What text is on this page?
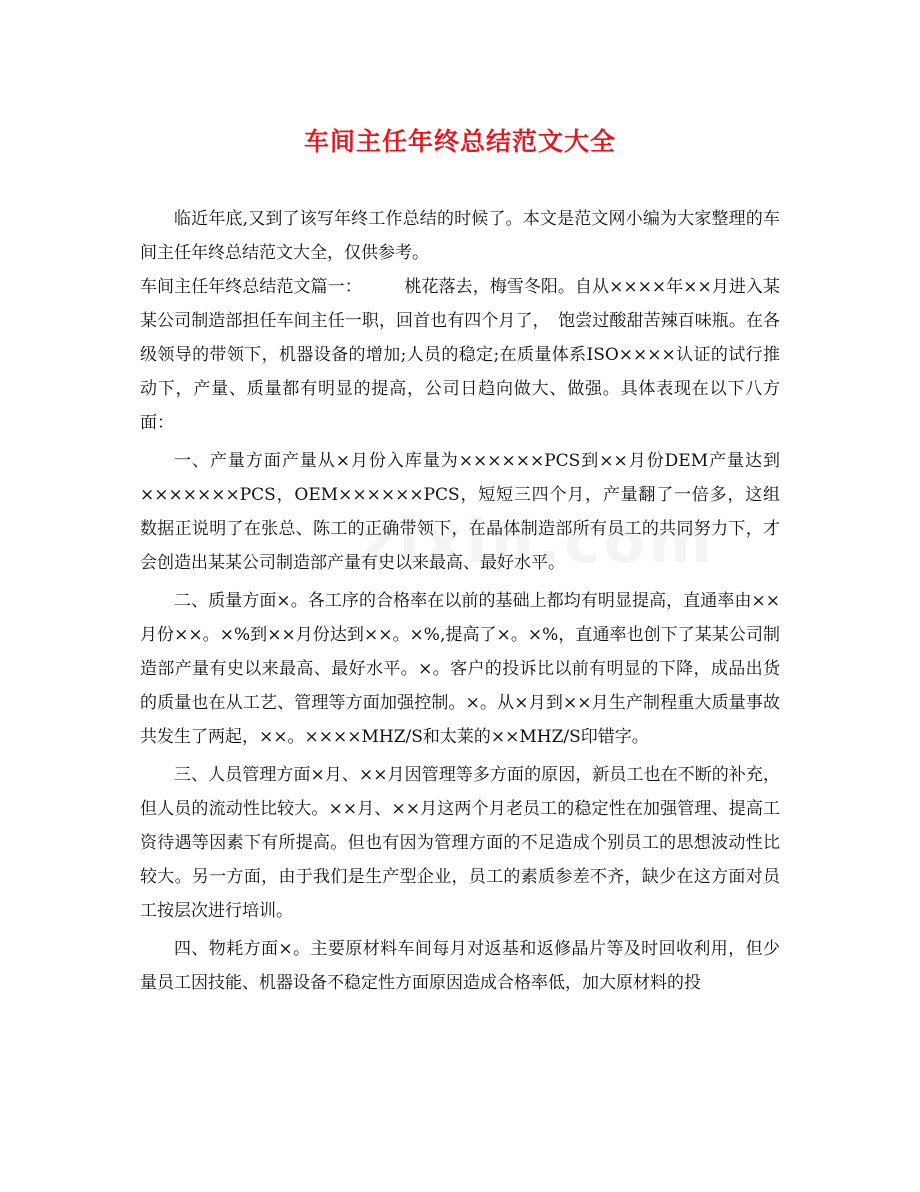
车间主任年终总结范文大全

临近年底,又到了该写年终工作总结的时候了。本文是范文网小编为大家整理的车间主任年终总结范文大全，仅供参考。

车间主任年终总结范文篇一：　　　桃花落去，梅雪冬阳。自从××××年××月进入某某公司制造部担任车间主任一职，回首也有四个月了，　饱尝过酸甜苦辣百味瓶。在各级领导的带领下，机器设备的增加;人员的稳定;在质量体系ISO××××认证的试行推动下，产量、质量都有明显的提高，公司日趋向做大、做强。具体表现在以下八方面：

一、产量方面产量从×月份入库量为××××××PCS到××月份DEM产量达到×××××××PCS，OEM××××××PCS，短短三四个月，产量翻了一倍多，这组数据正说明了在张总、陈工的正确带领下，在晶体制造部所有员工的共同努力下，才会创造出某某公司制造部产量有史以来最高、最好水平。

二、质量方面×。各工序的合格率在以前的基础上都均有明显提高，直通率由××月份××。×%到××月份达到××。×%,提高了×。×%，直通率也创下了某某公司制造部产量有史以来最高、最好水平。×。客户的投诉比以前有明显的下降，成品出货的质量也在从工艺、管理等方面加强控制。×。从×月到××月生产制程重大质量事故共发生了两起，××。××××MHZ/S和太莱的××MHZ/S印错字。

三、人员管理方面×月、××月因管理等多方面的原因，新员工也在不断的补充，但人员的流动性比较大。××月、××月这两个月老员工的稳定性在加强管理、提高工资待遇等因素下有所提高。但也有因为管理方面的不足造成个别员工的思想波动性比较大。另一方面，由于我们是生产型企业，员工的素质参差不齐，缺少在这方面对员工按层次进行培训。

四、物耗方面×。主要原材料车间每月对返基和返修晶片等及时回收利用，但少量员工因技能、机器设备不稳定性方面原因造成合格率低，加大原材料的投
